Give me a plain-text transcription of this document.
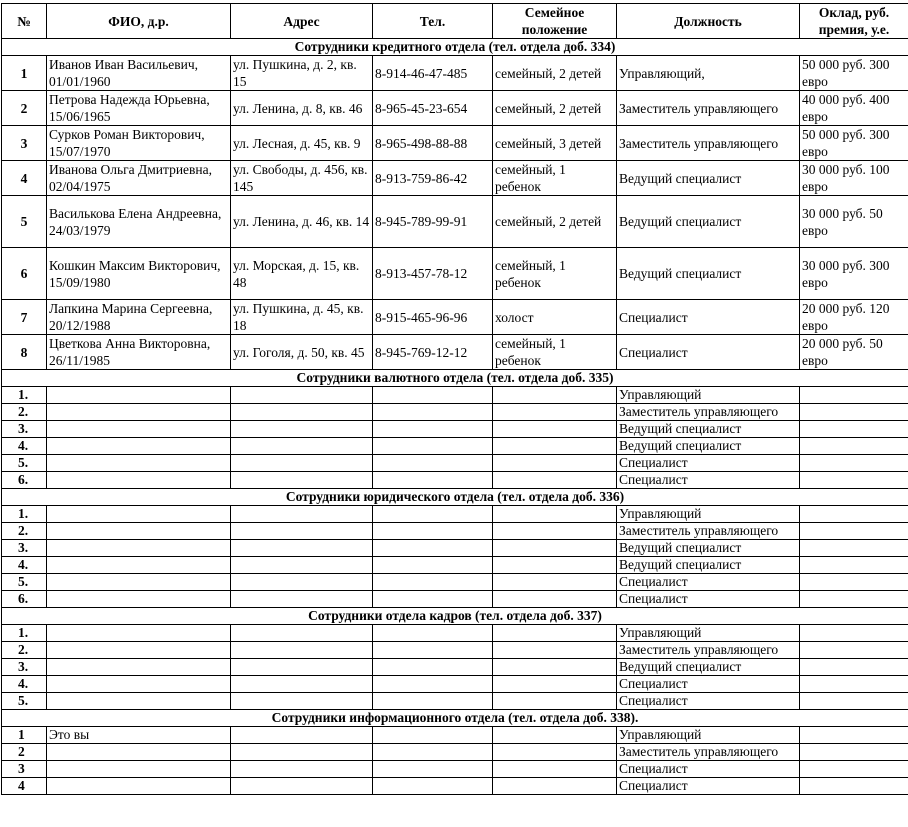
№	ФИО, д.р.	Адрес	Тел.	Семейное положение	Должность	Оклад, руб. премия, у.е.
Сотрудники кредитного отдела (тел. отдела доб. 334)						
1	Иванов Иван Васильевич, 01/01/1960	ул. Пушкина, д. 2, кв. 15	8-914-46-47-485	семейный, 2 детей	Управляющий,	50 000 руб. 300 евро
2	Петрова Надежда Юрьевна, 15/06/1965	ул. Ленина, д. 8, кв. 46	8-965-45-23-654	семейный, 2 детей	Заместитель управляющего	40 000 руб. 400 евро
3	Сурков Роман Викторович, 15/07/1970	ул. Лесная, д. 45, кв. 9	8-965-498-88-88	семейный, 3 детей	Заместитель управляющего	50 000 руб. 300 евро
4	Иванова Ольга Дмитриевна, 02/04/1975	ул. Свободы, д. 456, кв. 145	8-913-759-86-42	семейный, 1 ребенок	Ведущий специалист	30 000 руб. 100 евро
5	Василькова Елена Андреевна, 24/03/1979	ул. Ленина, д. 46, кв. 14	8-945-789-99-91	семейный, 2 детей	Ведущий специалист	30 000 руб. 50 евро
6	Кошкин Максим Викторович, 15/09/1980	ул. Морская, д. 15, кв. 48	8-913-457-78-12	семейный, 1 ребенок	Ведущий специалист	30 000 руб. 300 евро
7	Лапкина Марина Сергеевна, 20/12/1988	ул. Пушкина, д. 45, кв. 18	8-915-465-96-96	холост	Специалист	20 000 руб. 120 евро
8	Цветкова Анна Викторовна, 26/11/1985	ул. Гоголя, д. 50, кв. 45	8-945-769-12-12	семейный, 1 ребенок	Специалист	20 000 руб. 50 евро
Сотрудники валютного отдела (тел. отдела доб. 335)						
1.					Управляющий	
2.					Заместитель управляющего	
3.					Ведущий специалист	
4.					Ведущий специалист	
5.					Специалист	
6.					Специалист	
Сотрудники юридического отдела (тел. отдела доб. 336)						
1.					Управляющий	
2.					Заместитель управляющего	
3.					Ведущий специалист	
4.					Ведущий специалист	
5.					Специалист	
6.					Специалист	
Сотрудники отдела кадров (тел. отдела доб. 337)						
1.					Управляющий	
2.					Заместитель управляющего	
3.					Ведущий специалист	
4.					Специалист	
5.					Специалист	
Сотрудники информационного отдела (тел. отдела доб. 338).						
1	Это вы				Управляющий	
2					Заместитель управляющего	
3					Специалист	
4					Специалист	
